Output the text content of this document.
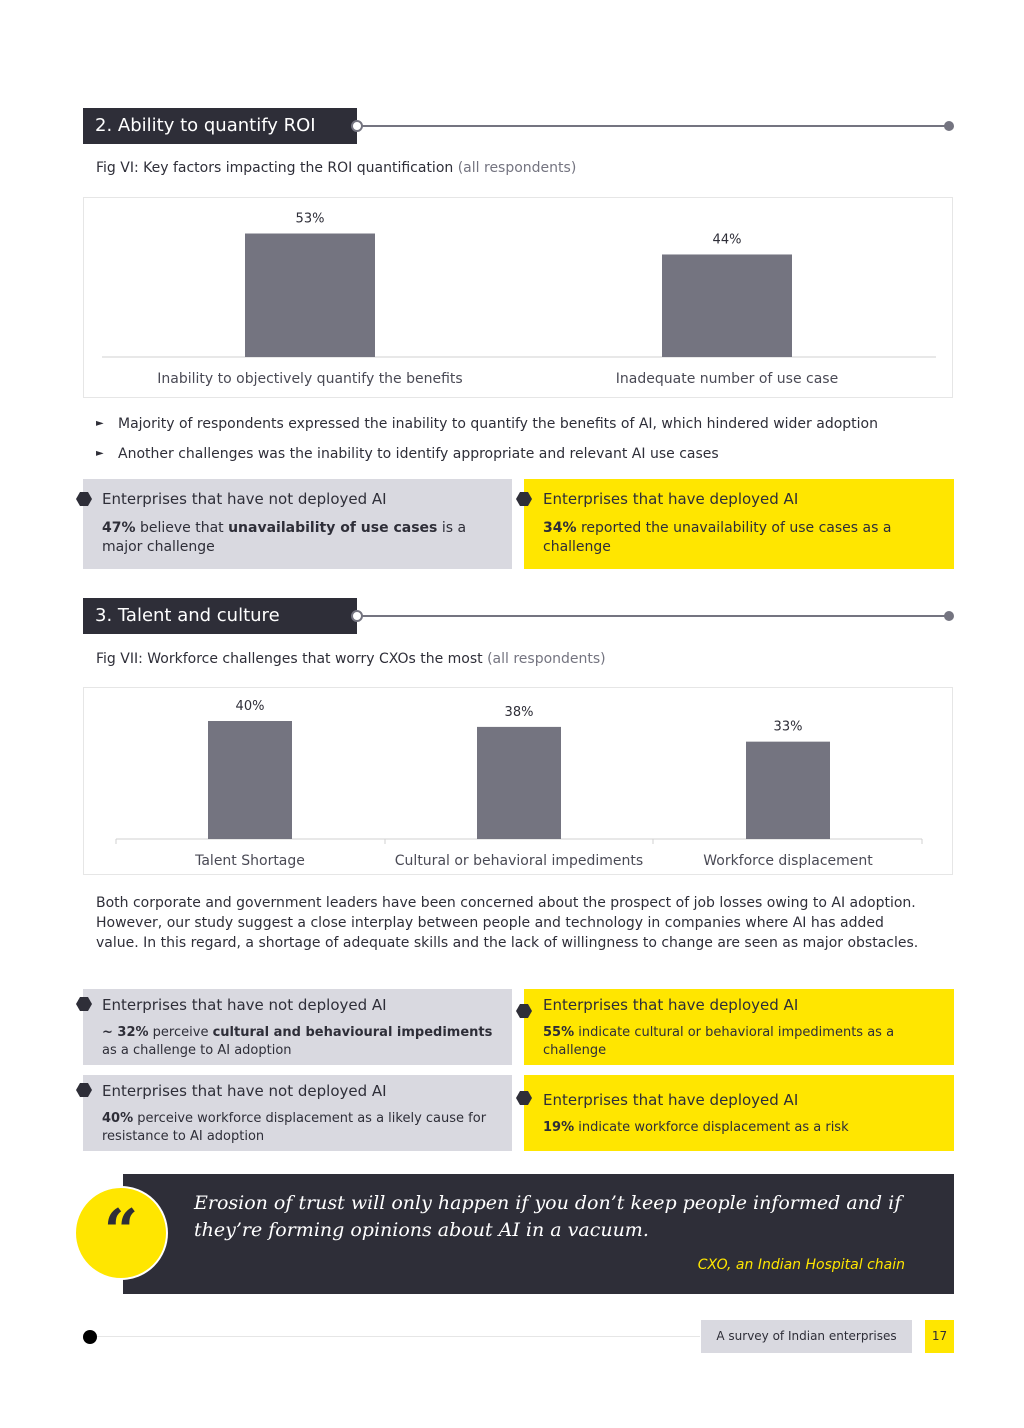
2. Ability to quantify ROI
Fig VI: Key factors impacting the ROI quantification (all respondents)
53%
Inability to objectively quantify the benefits
44%
Inadequate number of use case
►	Majority of respondents expressed the inability to quantify the benefits of AI, which hindered wider adoption
►	Another challenges was the inability to identify appropriate and relevant AI use cases
Enterprises that have not deployed AI
47% believe that unavailability of use cases is a major challenge
Enterprises that have deployed AI
34% reported the unavailability of use cases as a challenge
3. Talent and culture
Fig VII: Workforce challenges that worry CXOs the most (all respondents)
40%
Talent Shortage
38%
Cultural or behavioral impediments
33%
Workforce displacement
Both corporate and government leaders have been concerned about the prospect of job losses owing to AI adoption. However, our study suggest a close interplay between people and technology in companies where AI has added value. In this regard, a shortage of adequate skills and the lack of willingness to change are seen as major obstacles.
Enterprises that have not deployed AI
~ 32% perceive cultural and behavioural impediments as a challenge to AI adoption
Enterprises that have deployed AI
55% indicate cultural or behavioral impediments as a challenge
Enterprises that have not deployed AI
40% perceive workforce displacement as a likely cause for resistance to AI adoption
Enterprises that have deployed AI
19% indicate workforce displacement as a risk
Erosion of trust will only happen if you don’t keep people informed and if they’re forming opinions about AI in a vacuum.
CXO, an Indian Hospital chain
“
A survey of Indian enterprises	17
